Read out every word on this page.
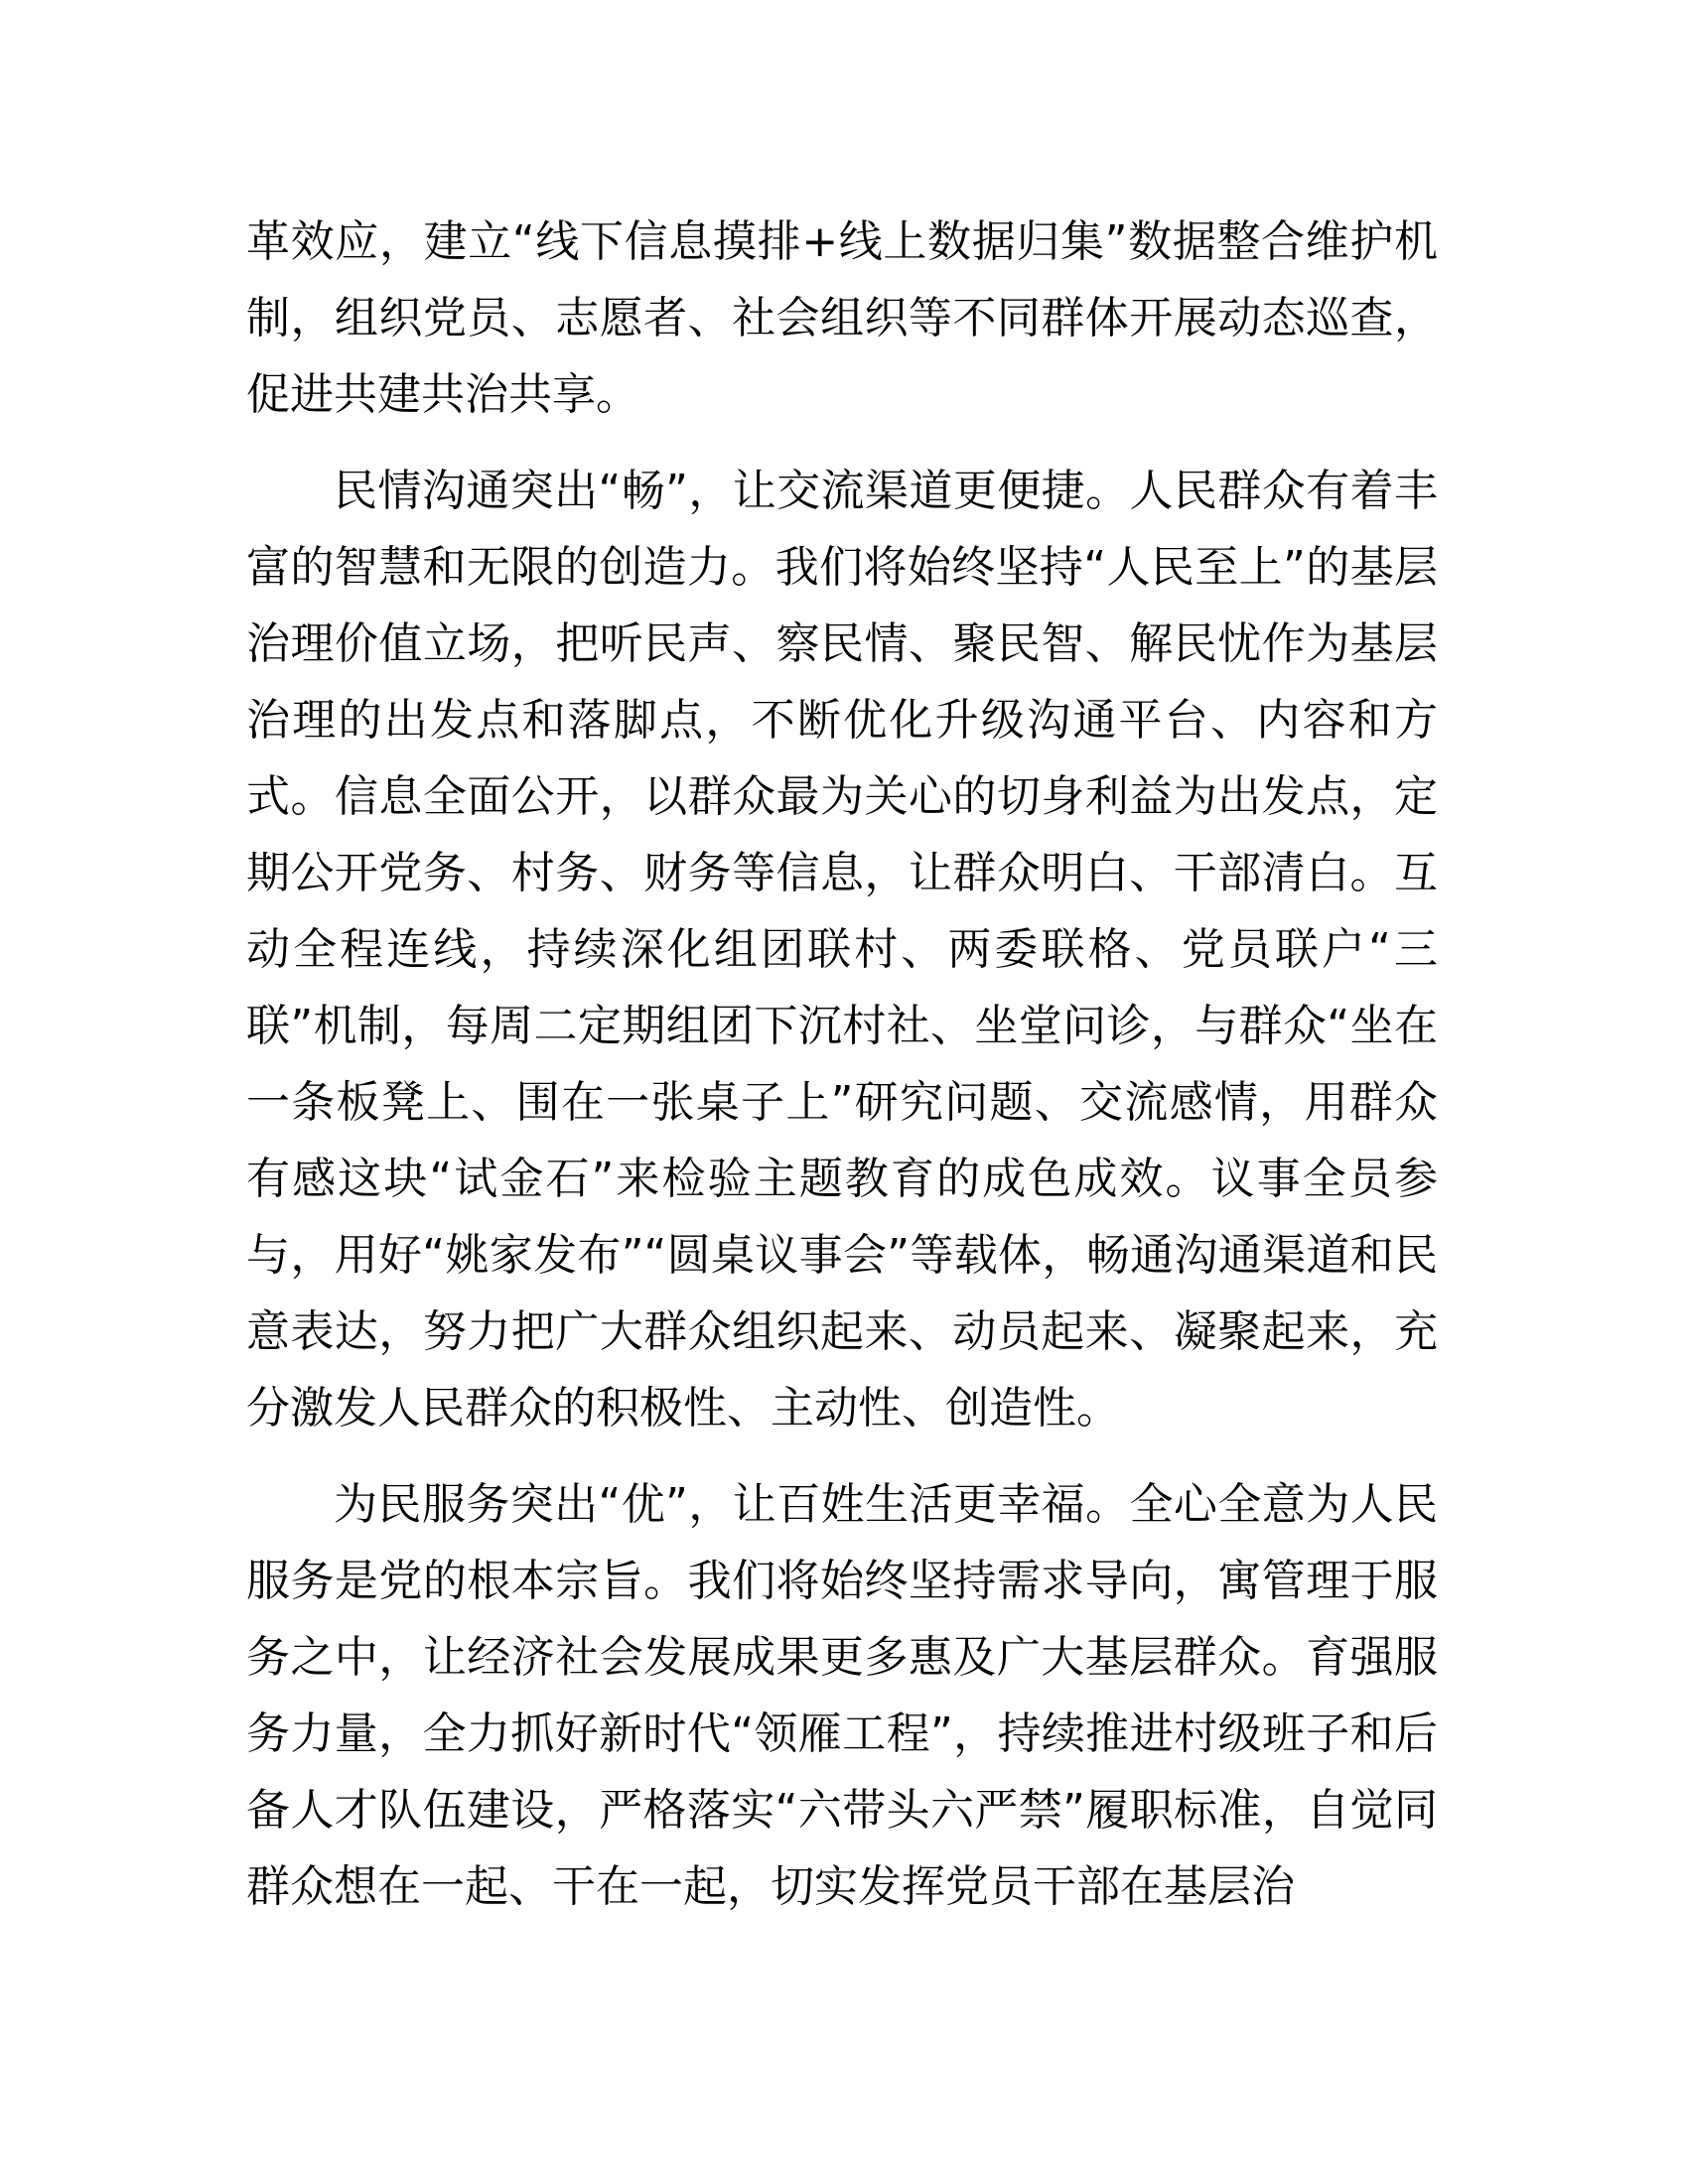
革效应，建立“线下信息摸排+线上数据归集”数据整合维护机制，组织党员、志愿者、社会组织等不同群体开展动态巡查，促进共建共治共享。

民情沟通突出“畅”，让交流渠道更便捷。人民群众有着丰富的智慧和无限的创造力。我们将始终坚持“人民至上”的基层治理价值立场，把听民声、察民情、聚民智、解民忧作为基层治理的出发点和落脚点，不断优化升级沟通平台、内容和方式。信息全面公开，以群众最为关心的切身利益为出发点，定期公开党务、村务、财务等信息，让群众明白、干部清白。互动全程连线，持续深化组团联村、两委联格、党员联户“三联”机制，每周二定期组团下沉村社、坐堂问诊，与群众“坐在一条板凳上、围在一张桌子上”研究问题、交流感情，用群众有感这块“试金石”来检验主题教育的成色成效。议事全员参与，用好“姚家发布”“圆桌议事会”等载体，畅通沟通渠道和民意表达，努力把广大群众组织起来、动员起来、凝聚起来，充分激发人民群众的积极性、主动性、创造性。

为民服务突出“优”，让百姓生活更幸福。全心全意为人民服务是党的根本宗旨。我们将始终坚持需求导向，寓管理于服务之中，让经济社会发展成果更多惠及广大基层群众。育强服务力量，全力抓好新时代“领雁工程”，持续推进村级班子和后备人才队伍建设，严格落实“六带头六严禁”履职标准，自觉同群众想在一起、干在一起，切实发挥党员干部在基层治
